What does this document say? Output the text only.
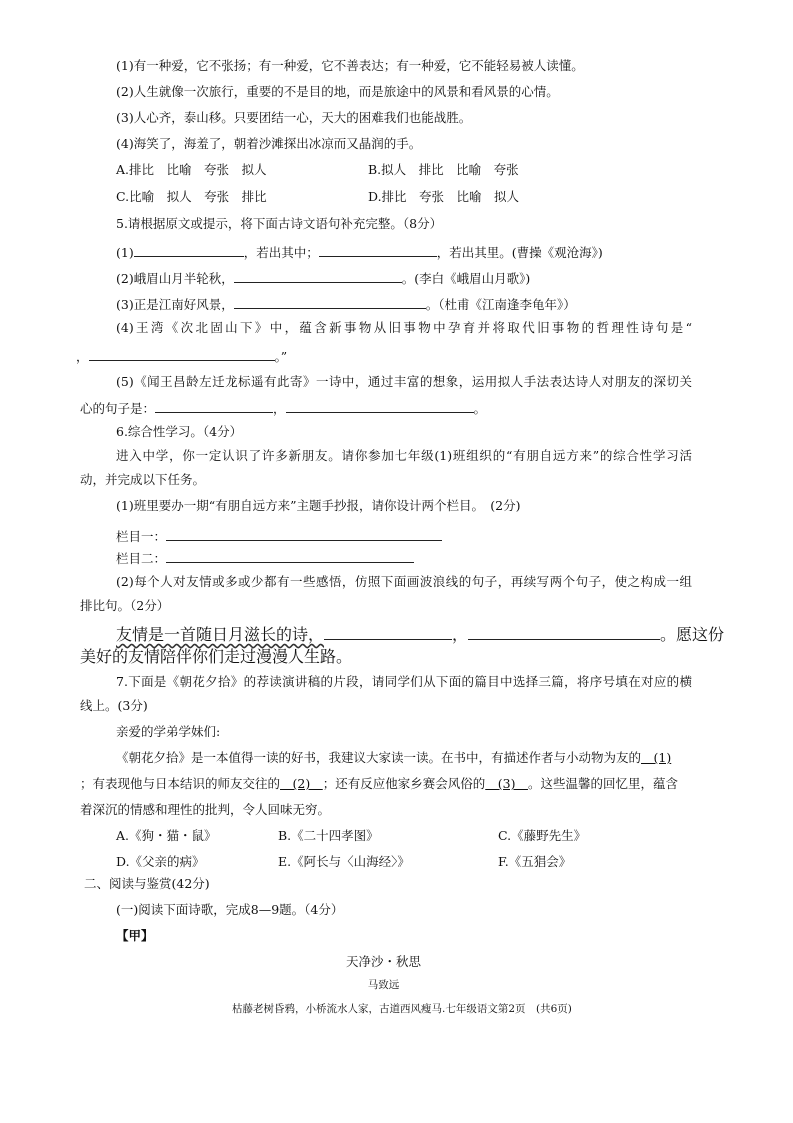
(1)有一种爱，它不张扬；有一种爱，它不善表达；有一种爱，它不能轻易被人读懂。
(2)人生就像一次旅行，重要的不是目的地，而是旅途中的风景和看风景的心情。
(3)人心齐，泰山移。只要团结一心，天大的困难我们也能战胜。
(4)海笑了，海羞了，朝着沙滩探出冰凉而又晶润的手。
A.排比　比喻　夸张　拟人	B.拟人　排比　比喻　夸张
C.比喻　拟人　夸张　排比	D.排比　夸张　比喻　拟人
5.请根据原文或提示，将下面古诗文语句补充完整。（8分）
(1)	，若出其中；	，若出其里。(曹操《观沧海》)
(2)峨眉山月半轮秋，	。(李白《峨眉山月歌》)
(3)正是江南好风景，	。（杜甫《江南逢李龟年》）
(4)王湾《次北固山下》中，蕴含新事物从旧事物中孕育并将取代旧事物的哲理性诗句是“
，	。”
(5)《闻王昌龄左迁龙标遥有此寄》一诗中，通过丰富的想象，运用拟人手法表达诗人对朋友的深切关
心的句子是：	，	。
6.综合性学习。（4分）
进入中学，你一定认识了许多新朋友。请你参加七年级(1)班组织的“有朋自远方来”的综合性学习活
动，并完成以下任务。
(1)班里要办一期“有朋自远方来”主题手抄报，请你设计两个栏目。　(2分)
栏目一：
栏目二：
(2)每个人对友情或多或少都有一些感悟，仿照下面画波浪线的句子，再续写两个句子，使之构成一组
排比句。（2分）
友情是一首随日月滋长的诗，	，	。愿这份
美好的友情陪伴你们走过漫漫人生路。
7.下面是《朝花夕拾》的荐读演讲稿的片段，请同学们从下面的篇目中选择三篇，将序号填在对应的横
线上。(3分)
亲爱的学弟学妹们:
《朝花夕拾》是一本值得一读的好书，我建议大家读一读。在书中，有描述作者与小动物为友的　(1)
；有表现他与日本结识的师友交往的　(2)　；还有反应他家乡赛会风俗的　(3)　。这些温馨的回忆里，蕴含
着深沉的情感和理性的批判，令人回味无穷。
A.《狗・猫・鼠》	B.《二十四孝图》	C.《藤野先生》
D.《父亲的病》	E.《阿长与〈山海经〉》	F.《五猖会》
二、阅读与鉴赏(42分)
(一)阅读下面诗歌，完成8—9题。（4分）
【甲】
天净沙・秋思
马致远
枯藤老树昏鸦，小桥流水人家，古道西风瘦马.七年级语文第2页　(共6页)
